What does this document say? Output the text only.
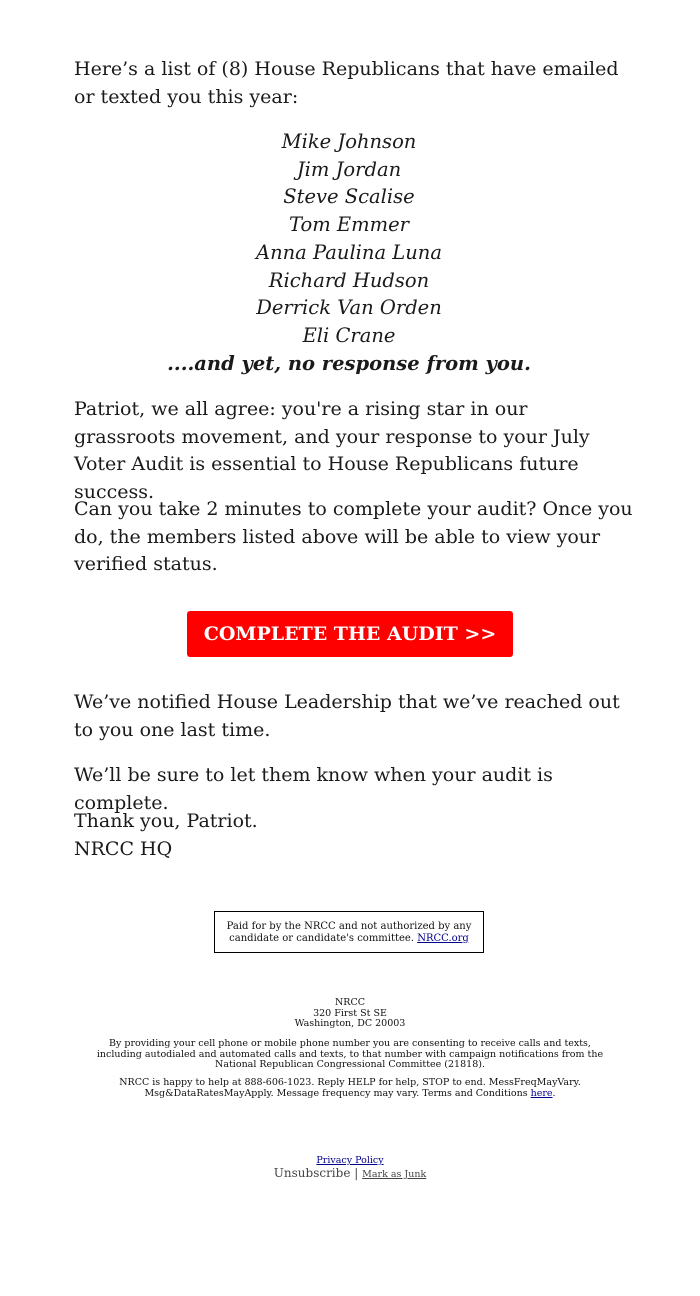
Here’s a list of (8) House Republicans that have emailed or texted you this year:

Mike Johnson
Jim Jordan
Steve Scalise
Tom Emmer
Anna Paulina Luna
Richard Hudson
Derrick Van Orden
Eli Crane
....and yet, no response from you.

Patriot, we all agree: you're a rising star in our grassroots movement, and your response to your July Voter Audit is essential to House Republicans future success.

Can you take 2 minutes to complete your audit? Once you do, the members listed above will be able to view your verified status.

COMPLETE THE AUDIT >>

We’ve notified House Leadership that we’ve reached out to you one last time.

We’ll be sure to let them know when your audit is complete.

Thank you, Patriot.
NRCC HQ

Paid for by the NRCC and not authorized by any candidate or candidate's committee. NRCC.org
NRCC
320 First St SE
Washington, DC 20003
By providing your cell phone or mobile phone number you are consenting to receive calls and texts, including autodialed and automated calls and texts, to that number with campaign notifications from the National Republican Congressional Committee (21818).
NRCC is happy to help at 888-606-1023. Reply HELP for help, STOP to end. MessFreqMayVary. Msg&DataRatesMayApply. Message frequency may vary. Terms and Conditions here.
Privacy Policy
Unsubscribe | Mark as Junk
